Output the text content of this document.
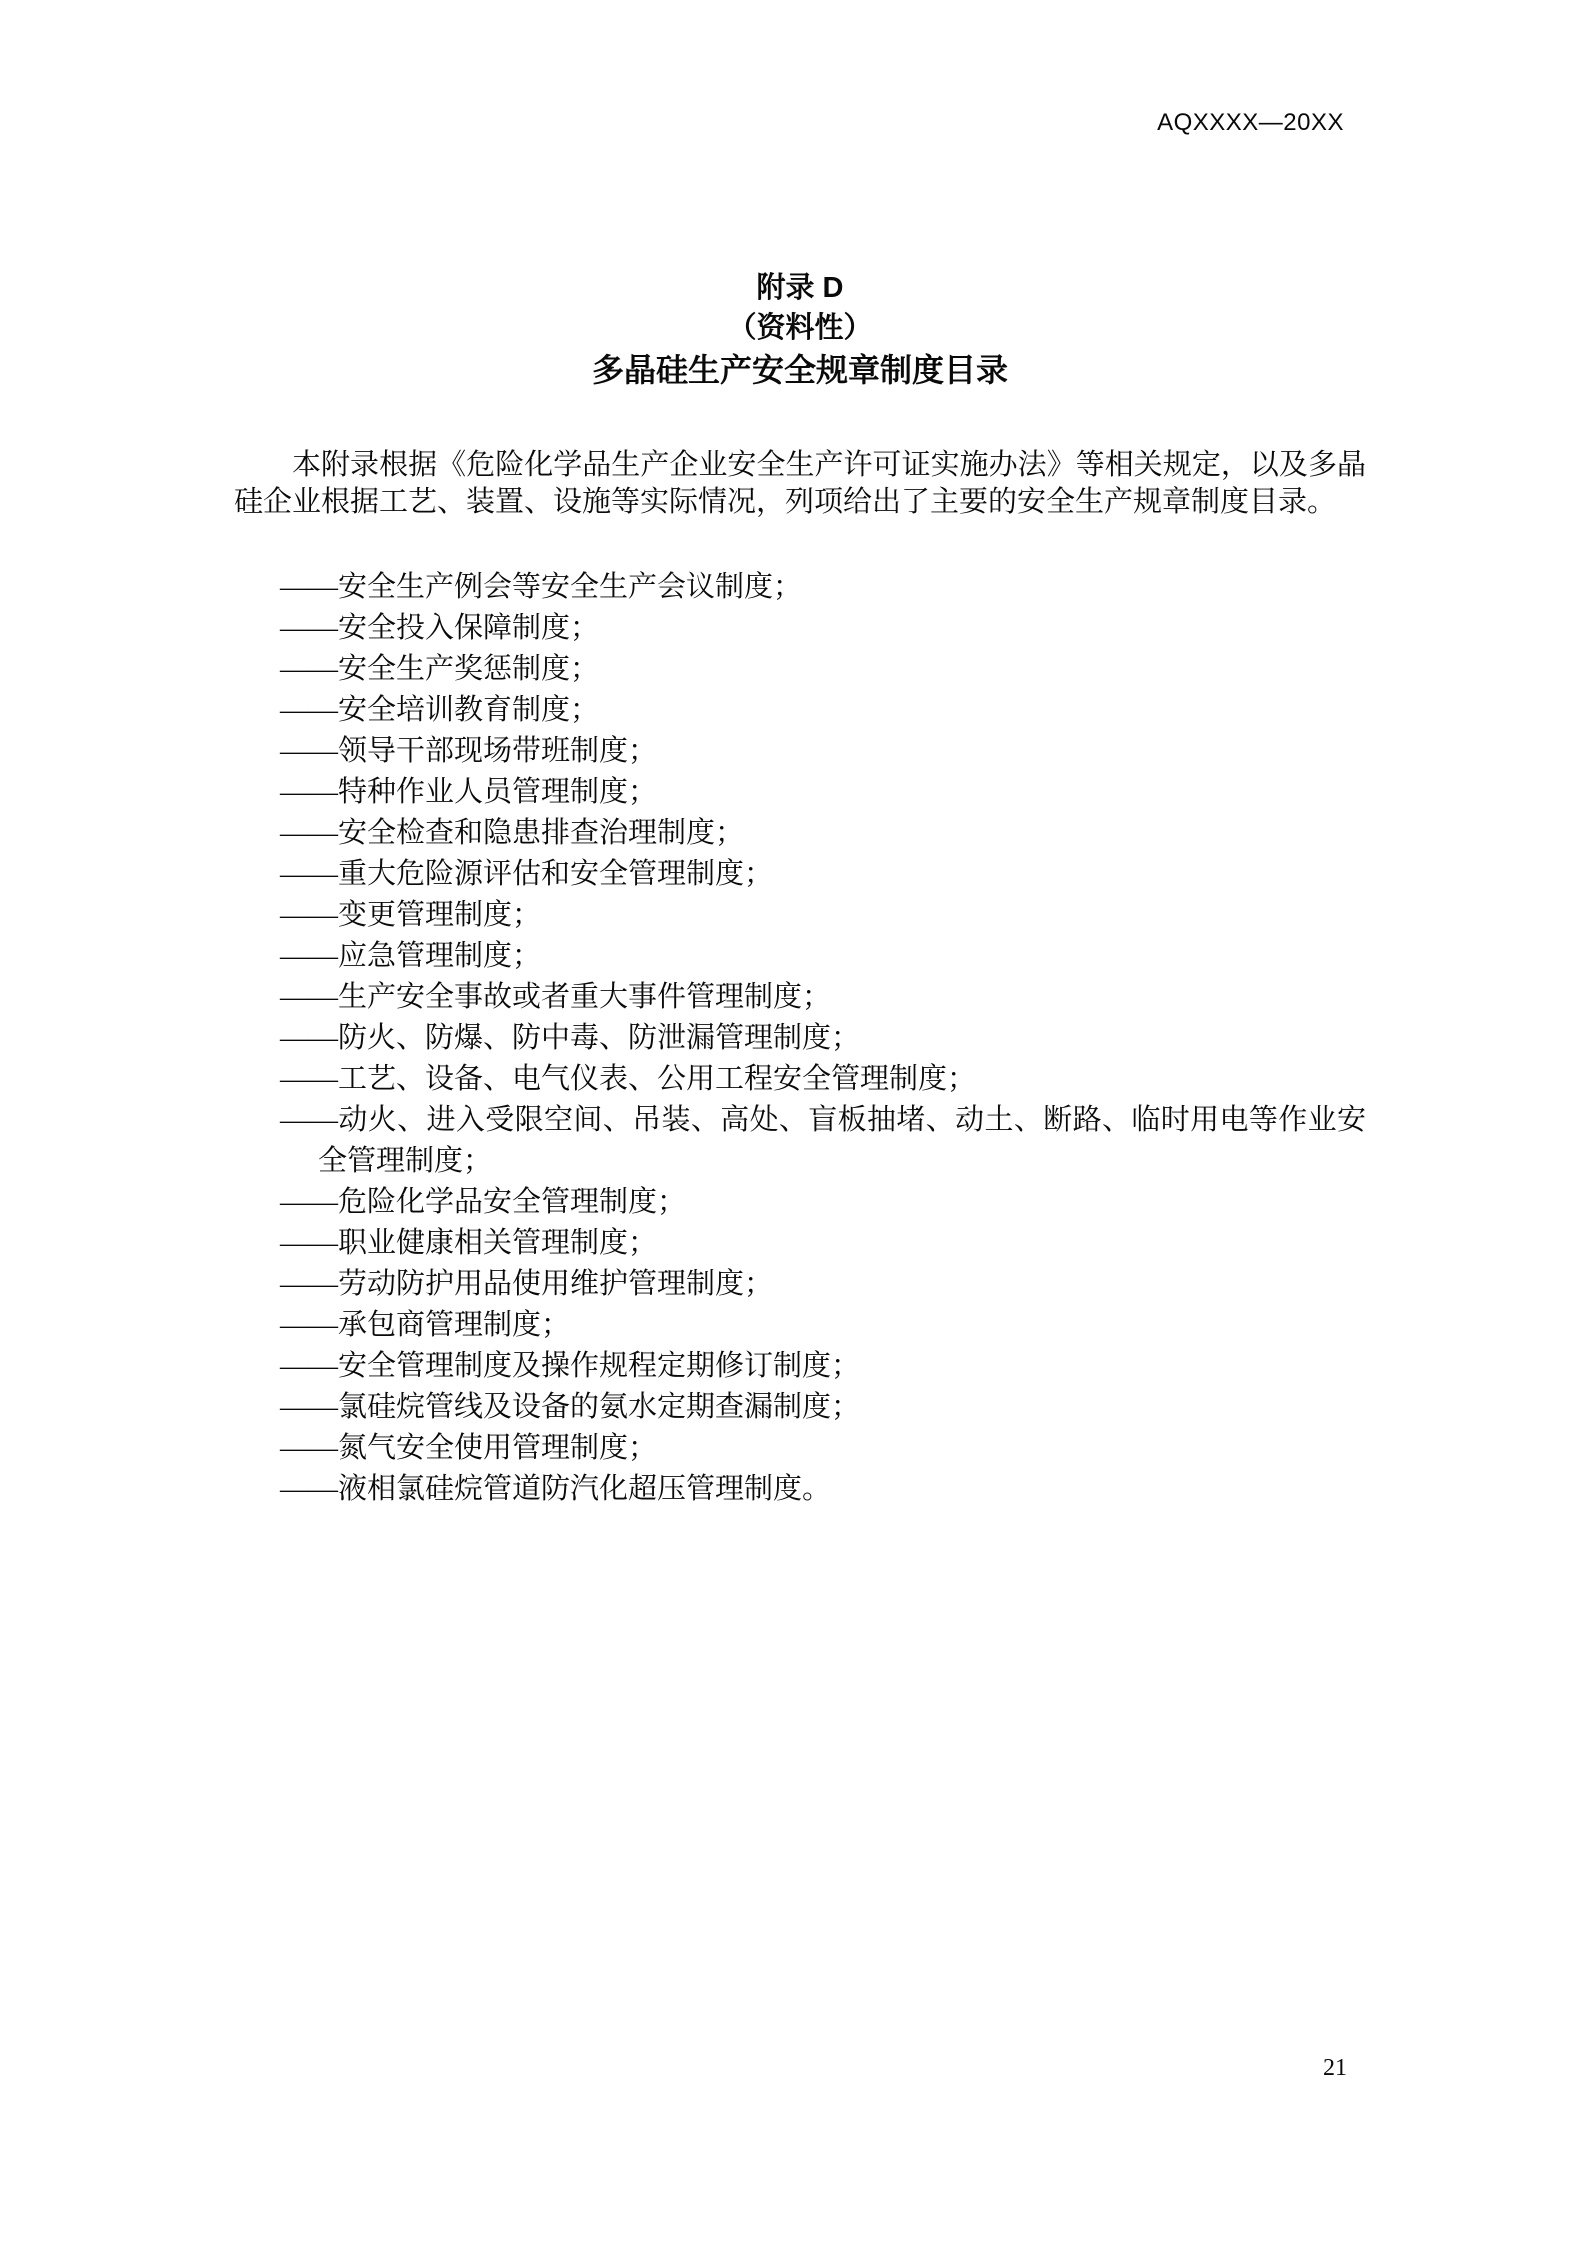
AQXXXX—20XX
附录 D
（资料性）
多晶硅生产安全规章制度目录

本附录根据《危险化学品生产企业安全生产许可证实施办法》等相关规定，以及多晶硅企业根据工艺、装置、设施等实际情况，列项给出了主要的安全生产规章制度目录。

——安全生产例会等安全生产会议制度；
——安全投入保障制度；
——安全生产奖惩制度；
——安全培训教育制度；
——领导干部现场带班制度；
——特种作业人员管理制度；
——安全检查和隐患排查治理制度；
——重大危险源评估和安全管理制度；
——变更管理制度；
——应急管理制度；
——生产安全事故或者重大事件管理制度；
——防火、防爆、防中毒、防泄漏管理制度；
——工艺、设备、电气仪表、公用工程安全管理制度；
——动火、进入受限空间、吊装、高处、盲板抽堵、动土、断路、临时用电等作业安全管理制度；
——危险化学品安全管理制度；
——职业健康相关管理制度；
——劳动防护用品使用维护管理制度；
——承包商管理制度；
——安全管理制度及操作规程定期修订制度；
——氯硅烷管线及设备的氨水定期查漏制度；
——氮气安全使用管理制度；
——液相氯硅烷管道防汽化超压管理制度。
21
